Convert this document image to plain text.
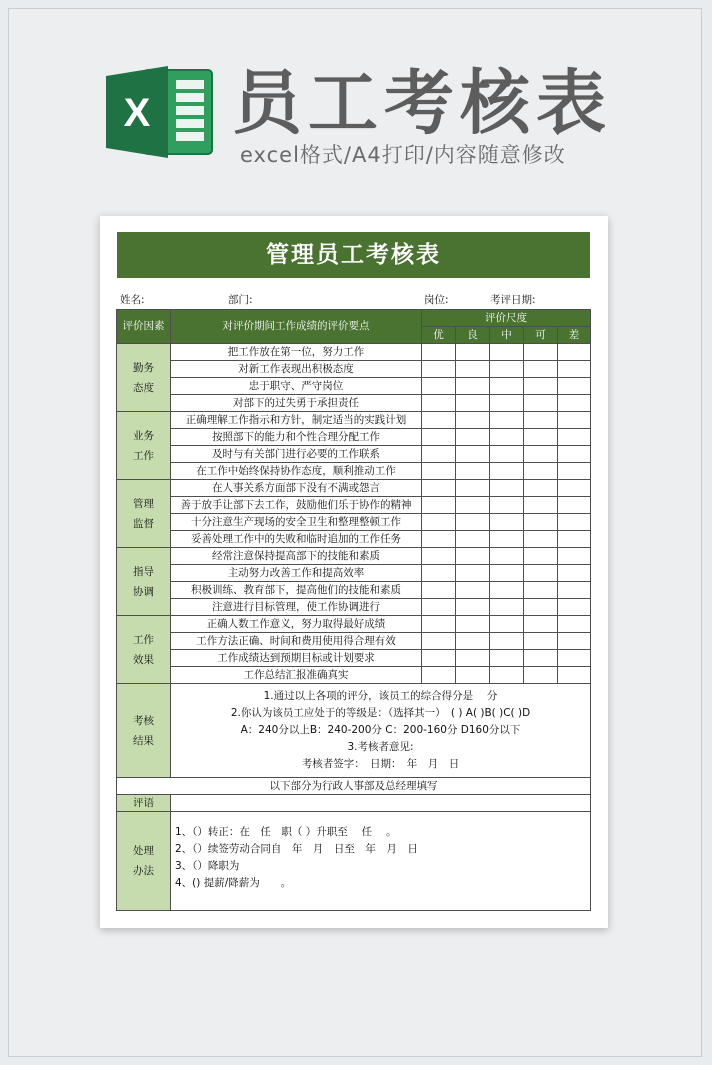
X 员工考核表
excel格式/A4打印/内容随意修改
管理员工考核表
姓名:	部门:	岗位:	考评日期:
评价因素	对评价期间工作成绩的评价要点	评价尺度				
		优	良	中	可	差
勤务态度	把工作放在第一位，努力工作					
	对新工作表现出积极态度					
	忠于职守、严守岗位					
	对部下的过失勇于承担责任					
业务工作	正确理解工作指示和方针，制定适当的实践计划					
	按照部下的能力和个性合理分配工作					
	及时与有关部门进行必要的工作联系					
	在工作中始终保持协作态度，顺利推动工作					
管理监督	在人事关系方面部下没有不满或怨言					
	善于放手让部下去工作，鼓励他们乐于协作的精神					
	十分注意生产现场的安全卫生和整理整顿工作					
	妥善处理工作中的失败和临时追加的工作任务					
指导协调	经常注意保持提高部下的技能和素质					
	主动努力改善工作和提高效率					
	积极训练、教育部下，提高他们的技能和素质					
	注意进行目标管理，使工作协调进行					
工作效果	正确人数工作意义，努力取得最好成绩					
	工作方法正确、时间和费用使用得合理有效					
	工作成绩达到预期目标或计划要求					
	工作总结汇报准确真实					
考核结果	1.通过以上各项的评分，该员工的综合得分是　 分
2.你认为该员工应处于的等级是：（选择其一）　( ) A( )B( )C( )D
A：240分以上B：240-200分 C：200-160分 D160分以下
3.考核者意见:
考核者签字：　日期：　年　月　日					

以下部分为行政人事部及总经理填写						
评语						
处理办法	1、（）转正：在　任　职（ ）升职至　 任　 。
2、（）续签劳动合同自　年　月　日至　年　月　日
3、（）降职为
4、() 提薪/降薪为　　。					
